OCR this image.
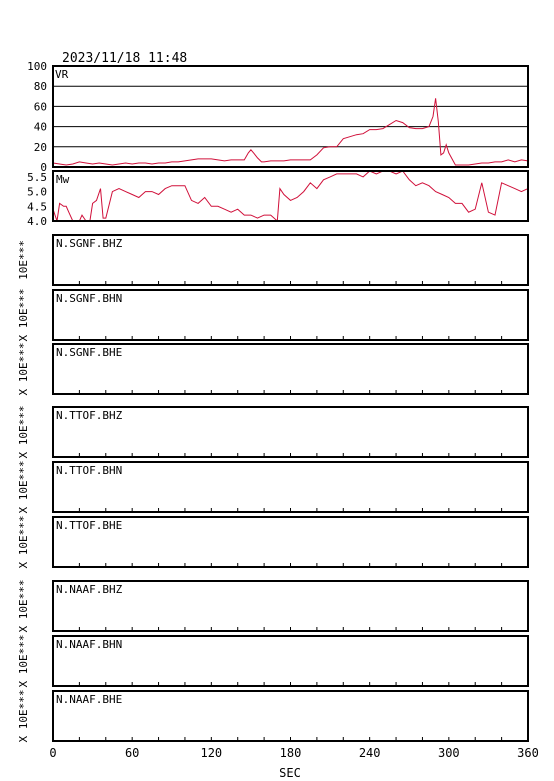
2023/11/18 11:48
0
20
40
60
80
100
VR
4.0
4.5
5.0
5.5 Mw
N.SGNF.BHZ
10E***
N.SGNF.BHN
X 10E***
N.SGNF.BHE
X 10E***
N.TTOF.BHZ
X 10E***
N.TTOF.BHN
X 10E***
N.TTOF.BHE
X 10E***
N.NAAF.BHZ
X 10E***
N.NAAF.BHN
X 10E***
N.NAAF.BHE
X 10E***
0	60	120	180	240	300	360
SEC
